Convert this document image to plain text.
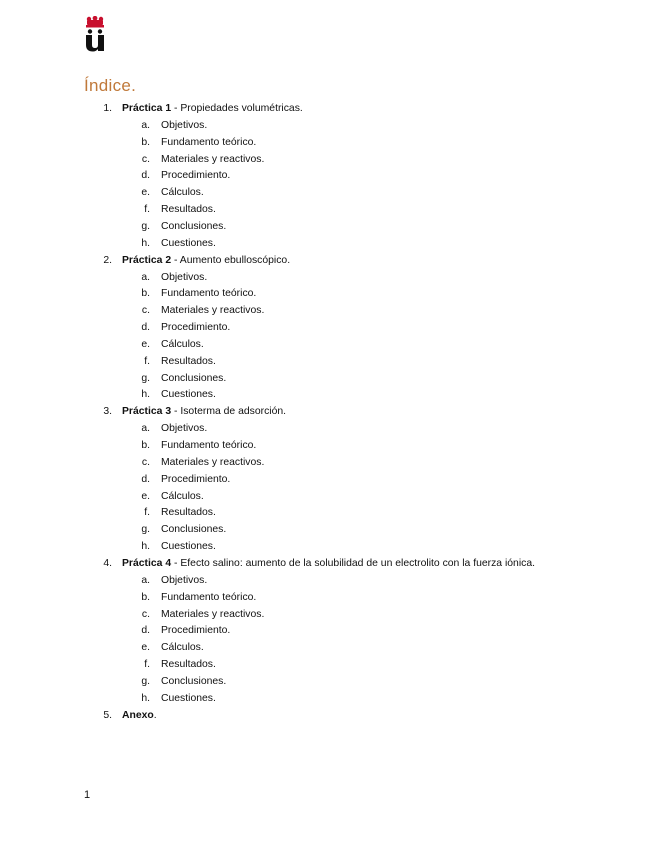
Índice.
1. Práctica 1 - Propiedades volumétricas.
a. Objetivos.
b. Fundamento teórico.
c. Materiales y reactivos.
d. Procedimiento.
e. Cálculos.
f. Resultados.
g. Conclusiones.
h. Cuestiones.
2. Práctica 2 - Aumento ebulloscópico.
a. Objetivos.
b. Fundamento teórico.
c. Materiales y reactivos.
d. Procedimiento.
e. Cálculos.
f. Resultados.
g. Conclusiones.
h. Cuestiones.
3. Práctica 3 - Isoterma de adsorción.
a. Objetivos.
b. Fundamento teórico.
c. Materiales y reactivos.
d. Procedimiento.
e. Cálculos.
f. Resultados.
g. Conclusiones.
h. Cuestiones.
4. Práctica 4 - Efecto salino: aumento de la solubilidad de un electrolito con la fuerza iónica.
a. Objetivos.
b. Fundamento teórico.
c. Materiales y reactivos.
d. Procedimiento.
e. Cálculos.
f. Resultados.
g. Conclusiones.
h. Cuestiones.
5. Anexo.
1
